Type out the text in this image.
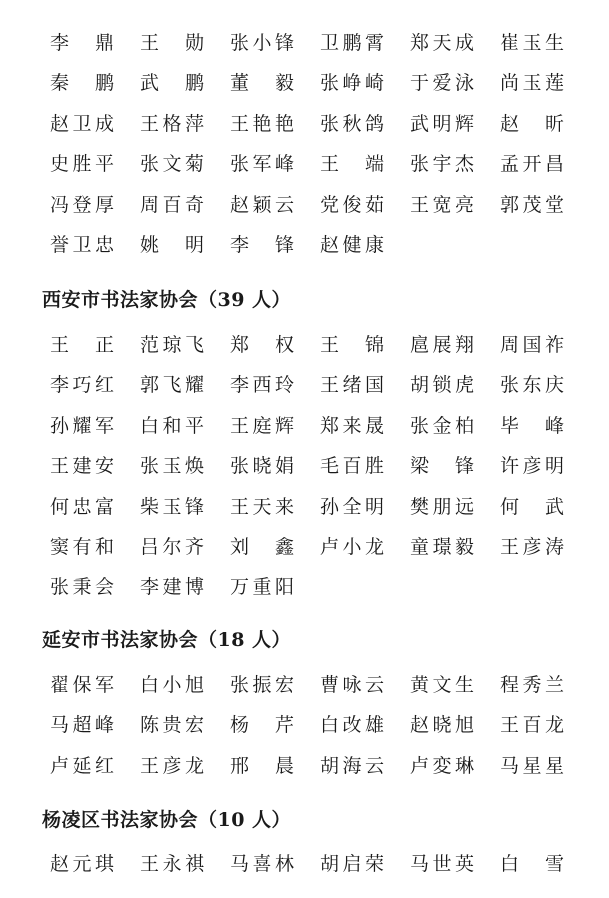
李 鼎 王 勋 张 小 锋 卫 鹏 霄 郑 天 成 崔 玉 生
秦 鹏 武 鹏 董 毅 张 峥 崎 于 爱 泳 尚 玉 莲
赵 卫 成 王 格 萍 王 艳 艳 张 秋 鸽 武 明 辉 赵 昕
史 胜 平 张 文 菊 张 军 峰 王 端 张 宇 杰 孟 开 昌
冯 登 厚 周 百 奇 赵 颖 云 党 俊 茹 王 宽 亮 郭 茂 堂
誉 卫 忠 姚 明 李 锋 赵 健 康
西安市书法家协会（39 人）
王 正 范 琼 飞 郑 权 王 锦 扈 展 翔 周 国 祚
李 巧 红 郭 飞 耀 李 西 玲 王 绪 国 胡 锁 虎 张 东 庆
孙 耀 军 白 和 平 王 庭 辉 郑 来 晟 张 金 柏 毕 峰
王 建 安 张 玉 焕 张 晓 娟 毛 百 胜 梁 锋 许 彦 明
何 忠 富 柴 玉 锋 王 天 来 孙 全 明 樊 朋 远 何 武
窦 有 和 吕 尔 齐 刘 鑫 卢 小 龙 童 璟 毅 王 彦 涛
张 秉 会 李 建 博 万 重 阳
延安市书法家协会（18 人）
翟 保 军 白 小 旭 张 振 宏 曹 咏 云 黄 文 生 程 秀 兰
马 超 峰 陈 贵 宏 杨 芹 白 改 雄 赵 晓 旭 王 百 龙
卢 延 红 王 彦 龙 邢 晨 胡 海 云 卢 変 琳 马 星 星
杨凌区书法家协会（10 人）
赵 元 琪 王 永 祺 马 喜 林 胡 启 荣 马 世 英 白 雪
